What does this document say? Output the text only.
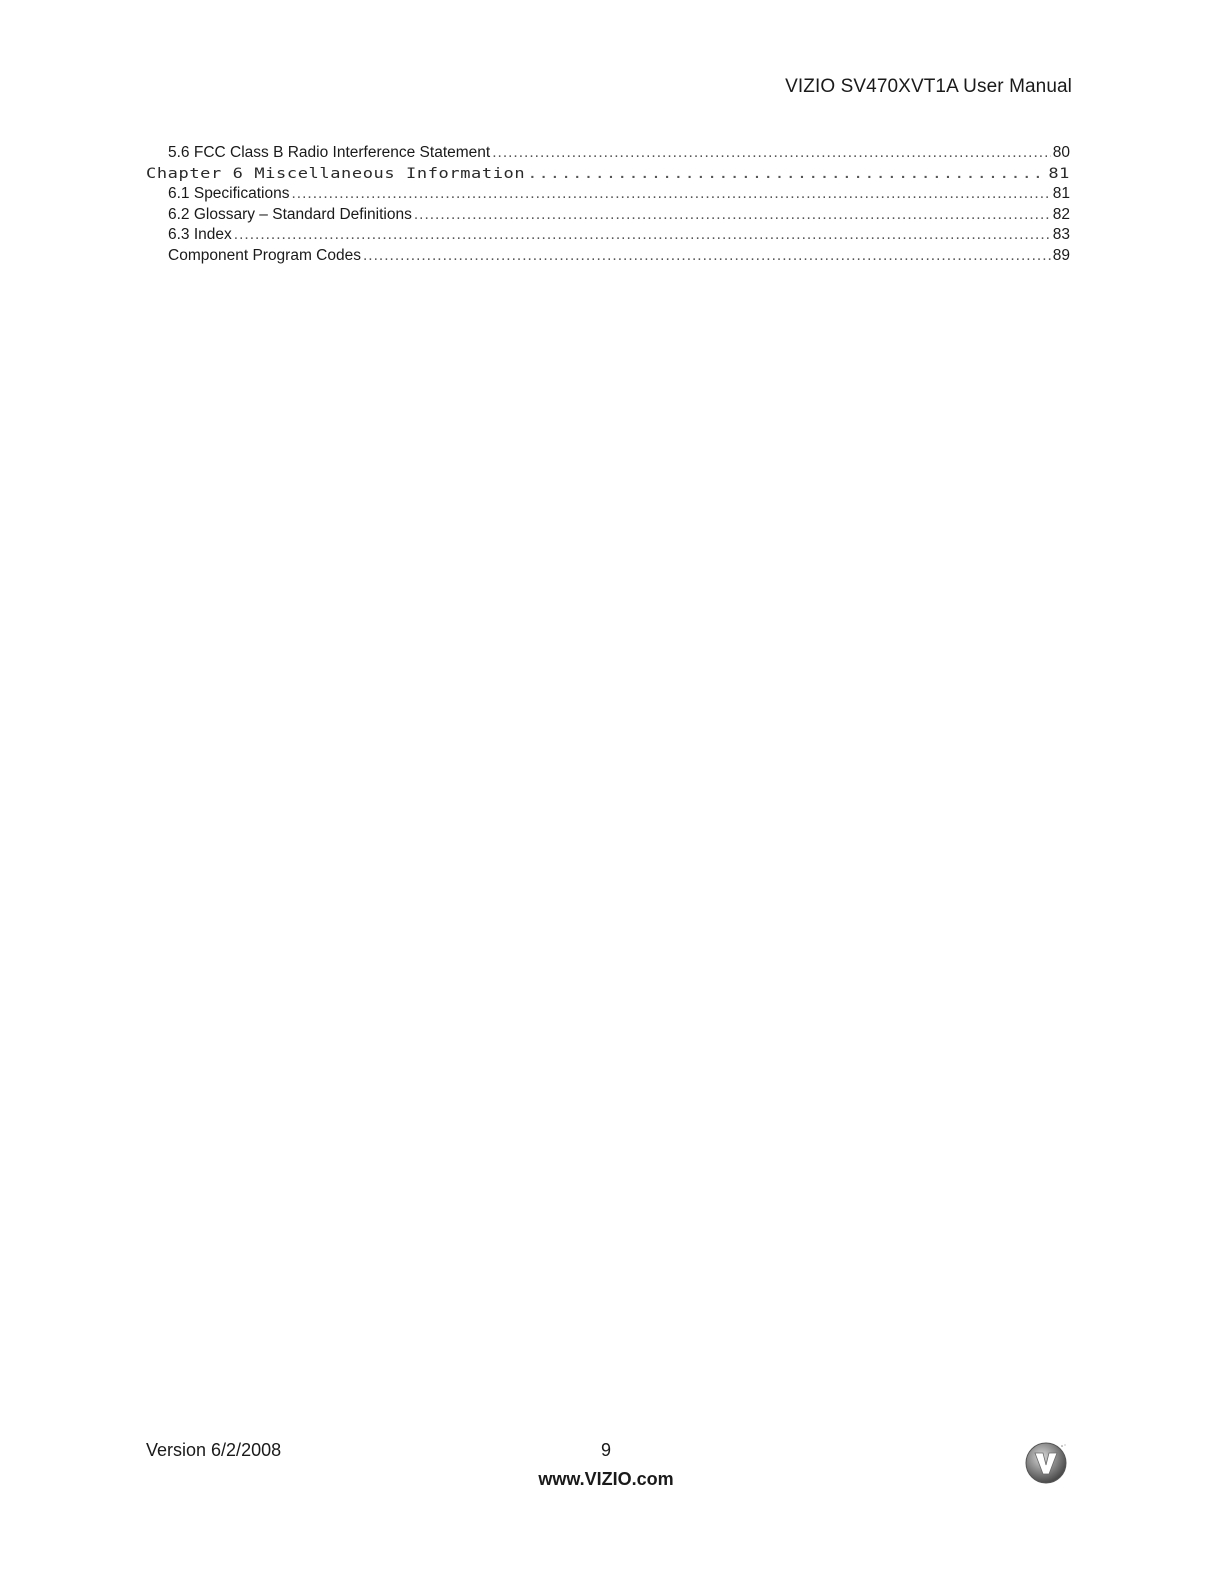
VIZIO SV470XVT1A User Manual
5.6 FCC Class B Radio Interference Statement .....	80
Chapter 6 Miscellaneous Information .....	81
6.1 Specifications .....	81
6.2 Glossary – Standard Definitions .....	82
6.3 Index .....	83
Component Program Codes .....	89
Version 6/2/2008	9
www.VIZIO.com
